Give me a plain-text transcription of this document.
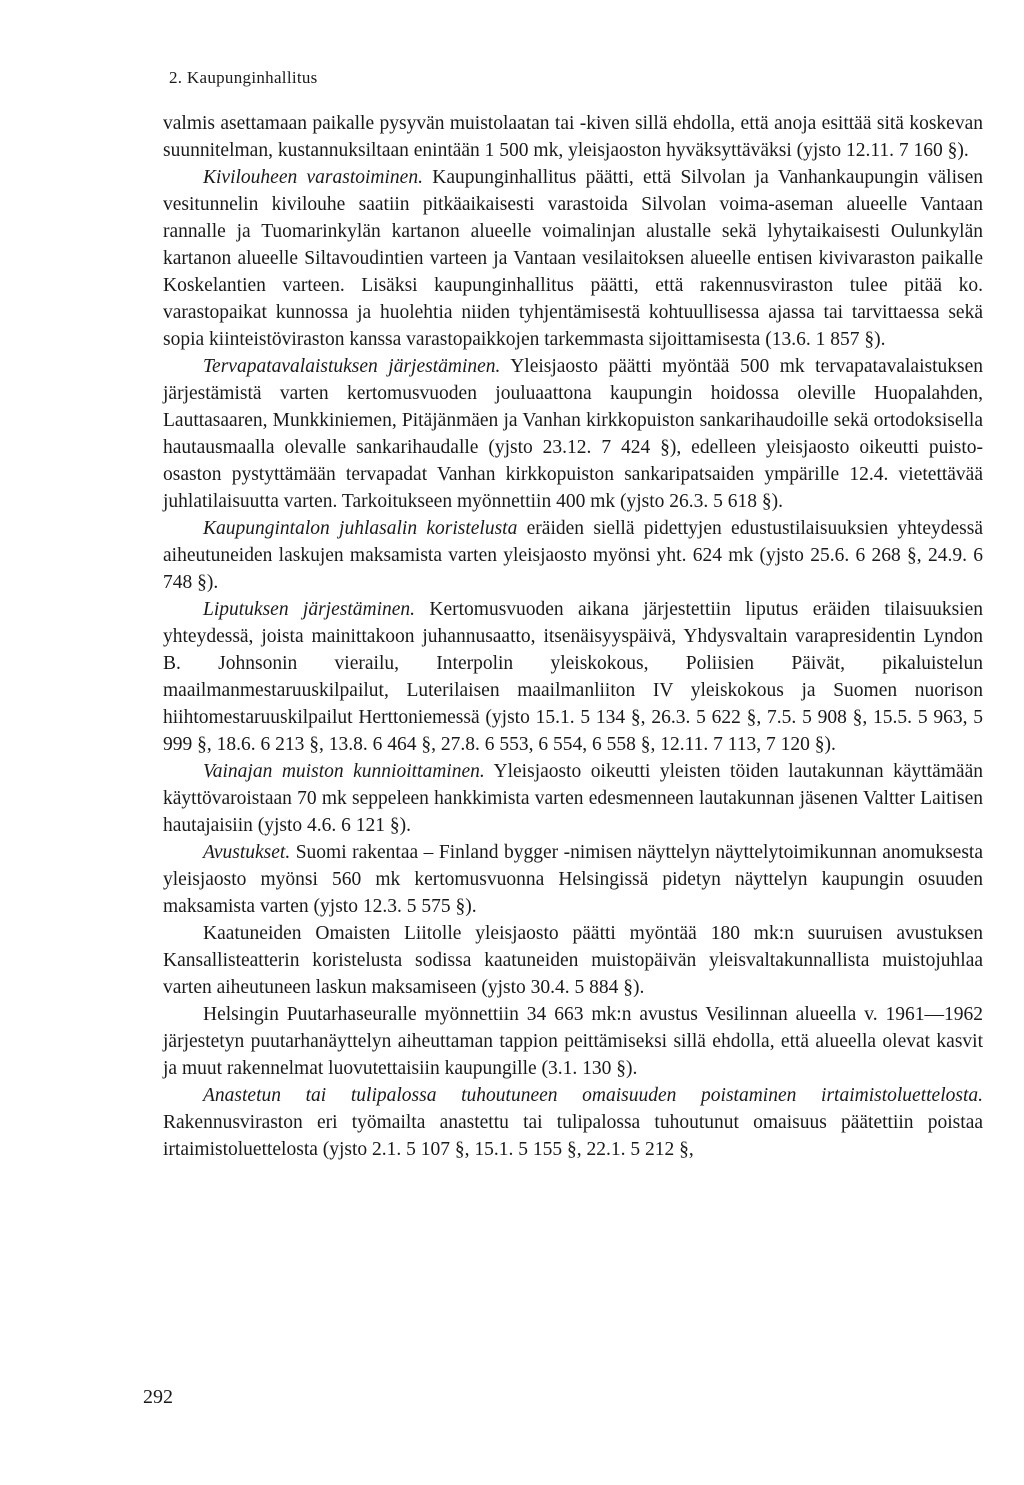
2. Kaupunginhallitus

valmis asettamaan paikalle pysyvän muistolaatan tai -kiven sillä ehdolla, että anoja esittää sitä koskevan suunnitelman, kustannuksiltaan enintään 1 500 mk, yleisjaoston hyväksyttäväksi (yjsto 12.11. 7 160 §).

Kivilouheen varastoiminen. Kaupunginhallitus päätti, että Silvolan ja Vanhankaupungin välisen vesitunnelin kivilouhe saatiin pitkäaikaisesti varastoida Silvolan voima-aseman alueelle Vantaan rannalle ja Tuomarinkylän kartanon alueelle voimalinjan alustalle sekä lyhytaikaisesti Oulunkylän kartanon alueelle Siltavoudintien varteen ja Vantaan vesilaitoksen alueelle entisen kivivaraston paikalle Koskelantien varteen. Lisäksi kaupunginhallitus päätti, että rakennusviraston tulee pitää ko. varastopaikat kunnossa ja huolehtia niiden tyhjentämisestä kohtuullisessa ajassa tai tarvittaessa sekä sopia kiinteistöviraston kanssa varastopaikkojen tarkemmasta sijoittamisesta (13.6. 1 857 §).

Tervapatavalaistuksen järjestäminen. Yleisjaosto päätti myöntää 500 mk tervapatavalaistuksen järjestämistä varten kertomusvuoden jouluaattona kaupungin hoidossa oleville Huopalahden, Lauttasaaren, Munkkiniemen, Pitäjänmäen ja Vanhan kirkkopuiston sankarihaudoille sekä ortodoksisella hautausmaalla olevalle sankarihaudalle (yjsto 23.12. 7 424 §), edelleen yleisjaosto oikeutti puisto-osaston pystyttämään tervapadat Vanhan kirkkopuiston sankaripatsaiden ympärille 12.4. vietettävää juhlatilaisuutta varten. Tarkoitukseen myönnettiin 400 mk (yjsto 26.3. 5 618 §).

Kaupungintalon juhlasalin koristelusta eräiden siellä pidettyjen edustustilaisuuksien yhteydessä aiheutuneiden laskujen maksamista varten yleisjaosto myönsi yht. 624 mk (yjsto 25.6. 6 268 §, 24.9. 6 748 §).

Liputuksen järjestäminen. Kertomusvuoden aikana järjestettiin liputus eräiden tilaisuuksien yhteydessä, joista mainittakoon juhannusaatto, itsenäisyyspäivä, Yhdysvaltain varapresidentin Lyndon B. Johnsonin vierailu, Interpolin yleiskokous, Poliisien Päivät, pikaluistelun maailmanmestaruuskilpailut, Luterilaisen maailmanliiton IV yleiskokous ja Suomen nuorison hiihtomestaruuskilpailut Herttoniemessä (yjsto 15.1. 5 134 §, 26.3. 5 622 §, 7.5. 5 908 §, 15.5. 5 963, 5 999 §, 18.6. 6 213 §, 13.8. 6 464 §, 27.8. 6 553, 6 554, 6 558 §, 12.11. 7 113, 7 120 §).

Vainajan muiston kunnioittaminen. Yleisjaosto oikeutti yleisten töiden lautakunnan käyttämään käyttövaroistaan 70 mk seppeleen hankkimista varten edesmenneen lautakunnan jäsenen Valtter Laitisen hautajaisiin (yjsto 4.6. 6 121 §).

Avustukset. Suomi rakentaa – Finland bygger -nimisen näyttelyn näyttelytoimikunnan anomuksesta yleisjaosto myönsi 560 mk kertomusvuonna Helsingissä pidetyn näyttelyn kaupungin osuuden maksamista varten (yjsto 12.3. 5 575 §).

Kaatuneiden Omaisten Liitolle yleisjaosto päätti myöntää 180 mk:n suuruisen avustuksen Kansallisteatterin koristelusta sodissa kaatuneiden muistopäivän yleisvaltakunnallista muistojuhlaa varten aiheutuneen laskun maksamiseen (yjsto 30.4. 5 884 §).

Helsingin Puutarhaseuralle myönnettiin 34 663 mk:n avustus Vesilinnan alueella v. 1961—1962 järjestetyn puutarhanäyttelyn aiheuttaman tappion peittämiseksi sillä ehdolla, että alueella olevat kasvit ja muut rakennelmat luovutettaisiin kaupungille (3.1. 130 §).

Anastetun tai tulipalossa tuhoutuneen omaisuuden poistaminen irtaimistoluettelosta. Rakennusviraston eri työmailta anastettu tai tulipalossa tuhoutunut omaisuus päätettiin poistaa irtaimistoluettelosta (yjsto 2.1. 5 107 §, 15.1. 5 155 §, 22.1. 5 212 §,

292
